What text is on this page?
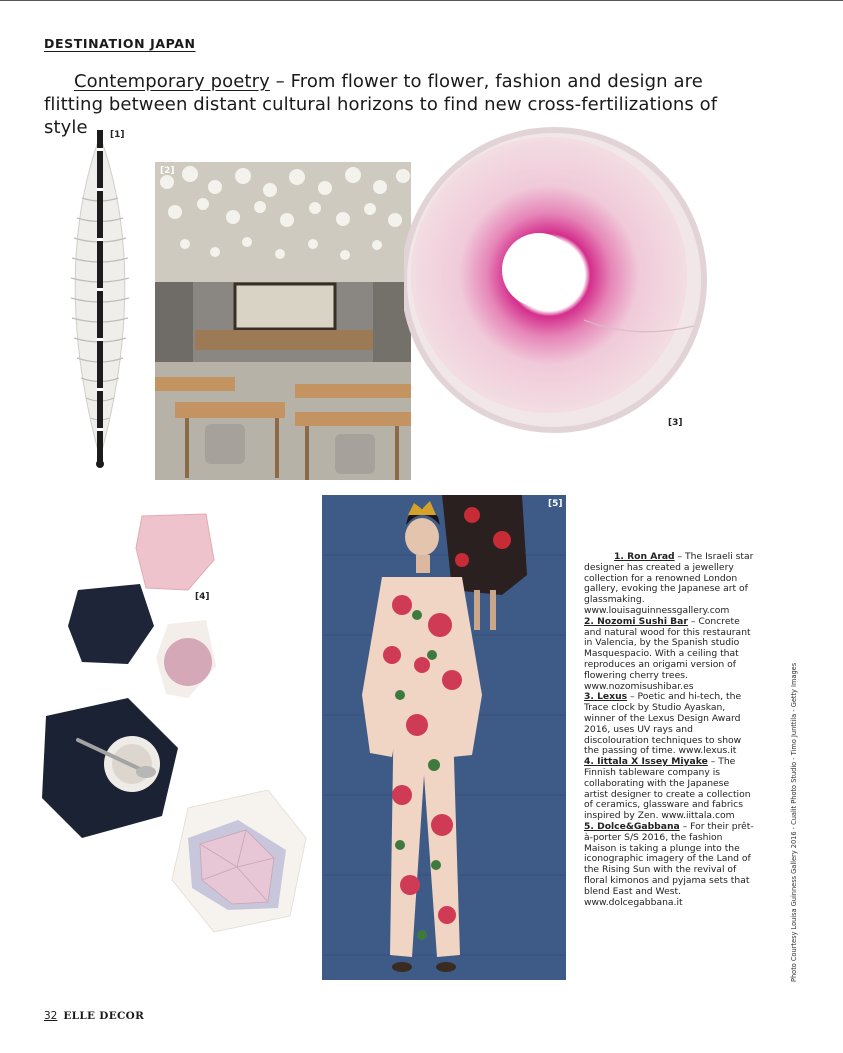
DESTINATION JAPAN
Contemporary poetry – From flower to flower, fashion and design are flitting between distant cultural horizons to find new cross-fertilizations of style	[1]
[2]
[3]
[4]
[5]

1. Ron Arad – The Israeli star designer has created a jewellery collection for a renowned London gallery, evoking the Japanese art of glassmaking. www.louisaguinnessgallery.com

2. Nozomi Sushi Bar – Concrete and natural wood for this restaurant in Valencia, by the Spanish studio Masquespacio. With a ceiling that reproduces an origami version of flowering cherry trees. www.nozomisushibar.es

3. Lexus – Poetic and hi-tech, the Trace clock by Studio Ayaskan, winner of the Lexus Design Award 2016, uses UV rays and discolouration techniques to show the passing of time. www.lexus.it

4. Iittala X Issey Miyake – The Finnish tableware company is collaborating with the Japanese artist designer to create a collection of ceramics, glassware and fabrics inspired by Zen. www.iittala.com

5. Dolce&Gabbana – For their prêt-à-porter S/S 2016, the fashion Maison is taking a plunge into the iconographic imagery of the Land of the Rising Sun with the revival of floral kimonos and pyjama sets that blend East and West. www.dolcegabbana.it	Photo Courtesy Louisa Guinness Gallery 2016 - Cualit Photo Studio - Timo Junttila - Getty Images
32 ELLE DECOR
